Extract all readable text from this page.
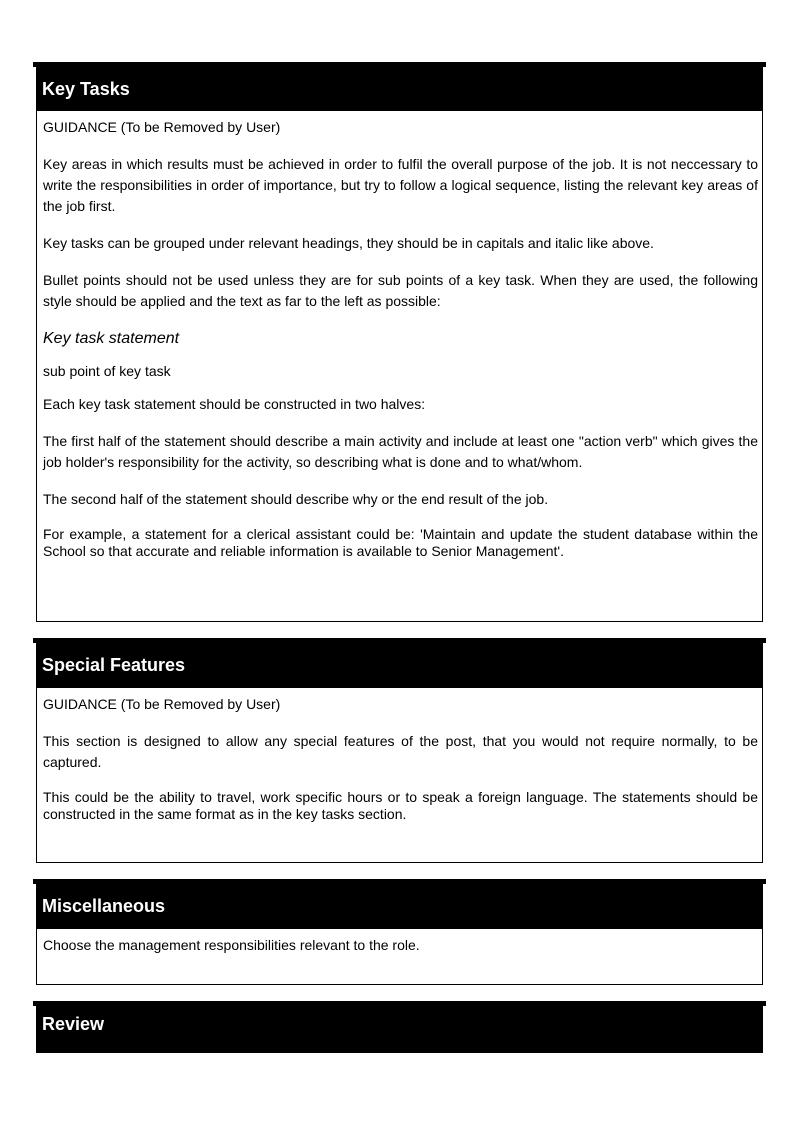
Key Tasks

GUIDANCE (To be Removed by User)

Key areas in which results must be achieved in order to fulfil the overall purpose of the job. It is not neccessary to write the responsibilities in order of importance, but try to follow a logical sequence, listing the relevant key areas of the job first.

Key tasks can be grouped under relevant headings, they should be in capitals and italic like above.

Bullet points should not be used unless they are for sub points of a key task. When they are used, the following style should be applied and the text as far to the left as possible:

Key task statement

sub point of key task

Each key task statement should be constructed in two halves:

The first half of the statement should describe a main activity and include at least one "action verb" which gives the job holder's responsibility for the activity, so describing what is done and to what/whom.

The second half of the statement should describe why or the end result of the job.

For example, a statement for a clerical assistant could be: 'Maintain and update the student database within the School so that accurate and reliable information is available to Senior Management'.

Special Features

GUIDANCE (To be Removed by User)

This section is designed to allow any special features of the post, that you would not require normally, to be captured.

This could be the ability to travel, work specific hours or to speak a foreign language. The statements should be constructed in the same format as in the key tasks section.

Miscellaneous

Choose the management responsibilities relevant to the role.

Review
